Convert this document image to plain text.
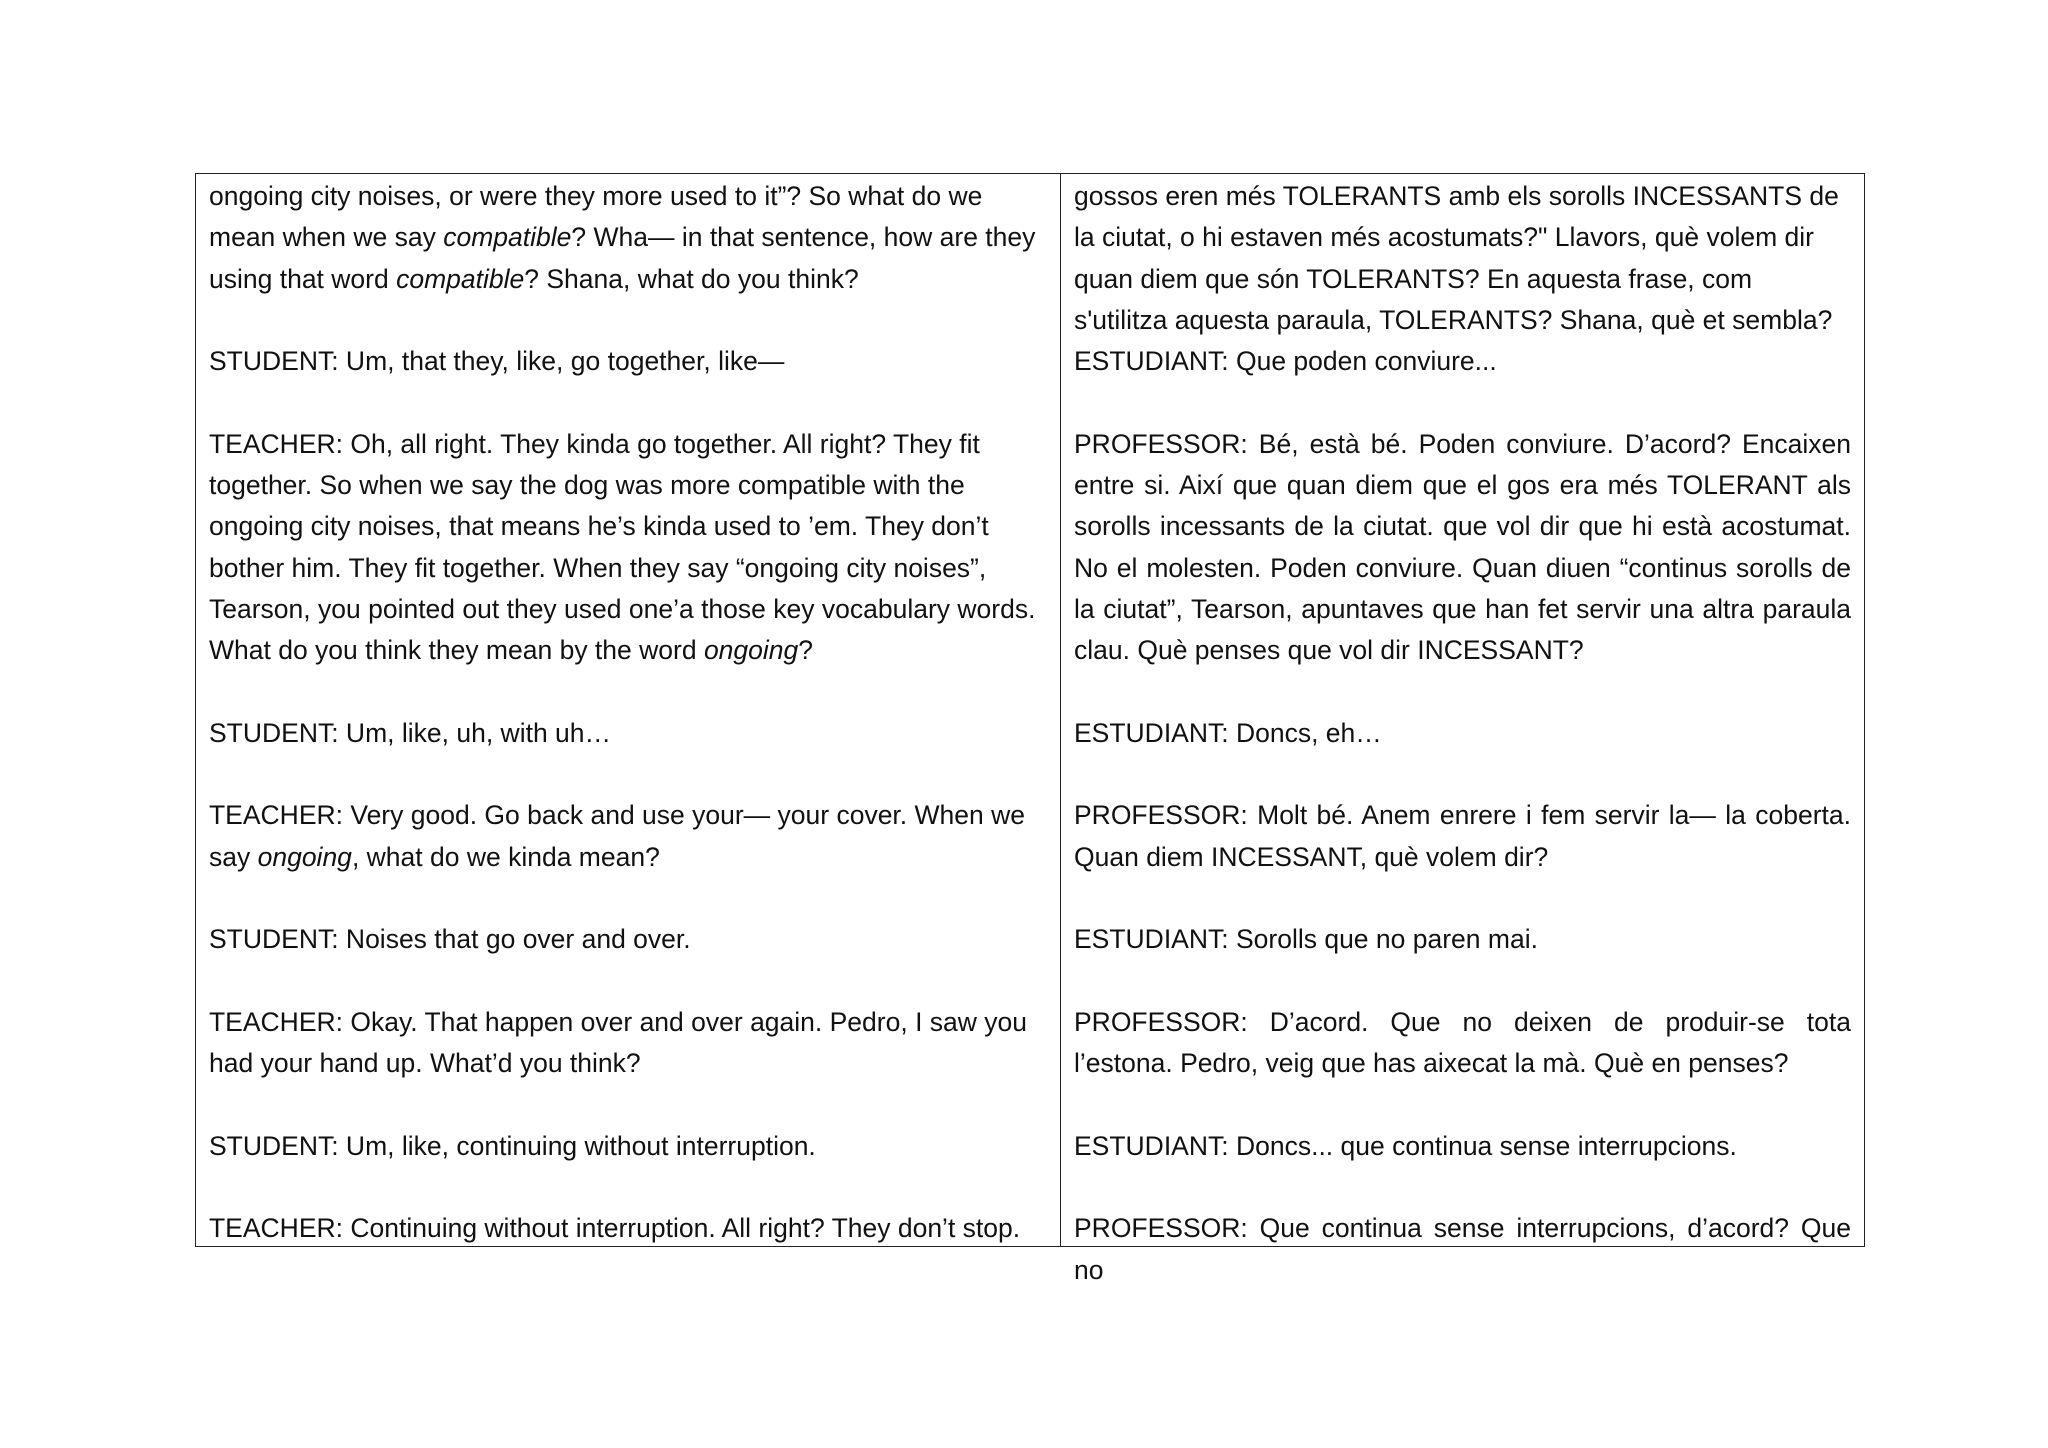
ongoing city noises, or were they more used to it”? So what do we mean when we say compatible? Wha— in that sentence, how are they using that word compatible? Shana, what do you think?

STUDENT: Um, that they, like, go together, like—

TEACHER: Oh, all right. They kinda go together. All right? They fit together. So when we say the dog was more compatible with the ongoing city noises, that means he’s kinda used to ’em. They don’t bother him. They fit together. When they say “ongoing city noises”, Tearson, you pointed out they used one’a those key vocabulary words. What do you think they mean by the word ongoing?

STUDENT: Um, like, uh, with uh…

TEACHER: Very good. Go back and use your— your cover. When we say ongoing, what do we kinda mean?

STUDENT: Noises that go over and over.

TEACHER: Okay. That happen over and over again. Pedro, I saw you had your hand up. What’d you think?

STUDENT: Um, like, continuing without interruption.

TEACHER: Continuing without interruption. All right? They don’t stop.

gossos eren més TOLERANTS amb els sorolls INCESSANTS de la ciutat, o hi estaven més acostumats?" Llavors, què volem dir quan diem que són TOLERANTS? En aquesta frase, com s'utilitza aquesta paraula, TOLERANTS? Shana, què et sembla?

ESTUDIANT: Que poden conviure...

PROFESSOR: Bé, està bé. Poden conviure. D’acord? Encaixen entre si. Així que quan diem que el gos era més TOLERANT als sorolls incessants de la ciutat. que vol dir que hi està acostumat. No el molesten. Poden conviure. Quan diuen “continus sorolls de la ciutat”, Tearson, apuntaves que han fet servir una altra paraula clau. Què penses que vol dir INCESSANT?

ESTUDIANT: Doncs, eh…

PROFESSOR: Molt bé. Anem enrere i fem servir la— la coberta. Quan diem INCESSANT, què volem dir?

ESTUDIANT: Sorolls que no paren mai.

PROFESSOR: D’acord. Que no deixen de produir-se tota l’estona. Pedro, veig que has aixecat la mà. Què en penses?

ESTUDIANT: Doncs... que continua sense interrupcions.

PROFESSOR: Que continua sense interrupcions, d’acord? Que no
